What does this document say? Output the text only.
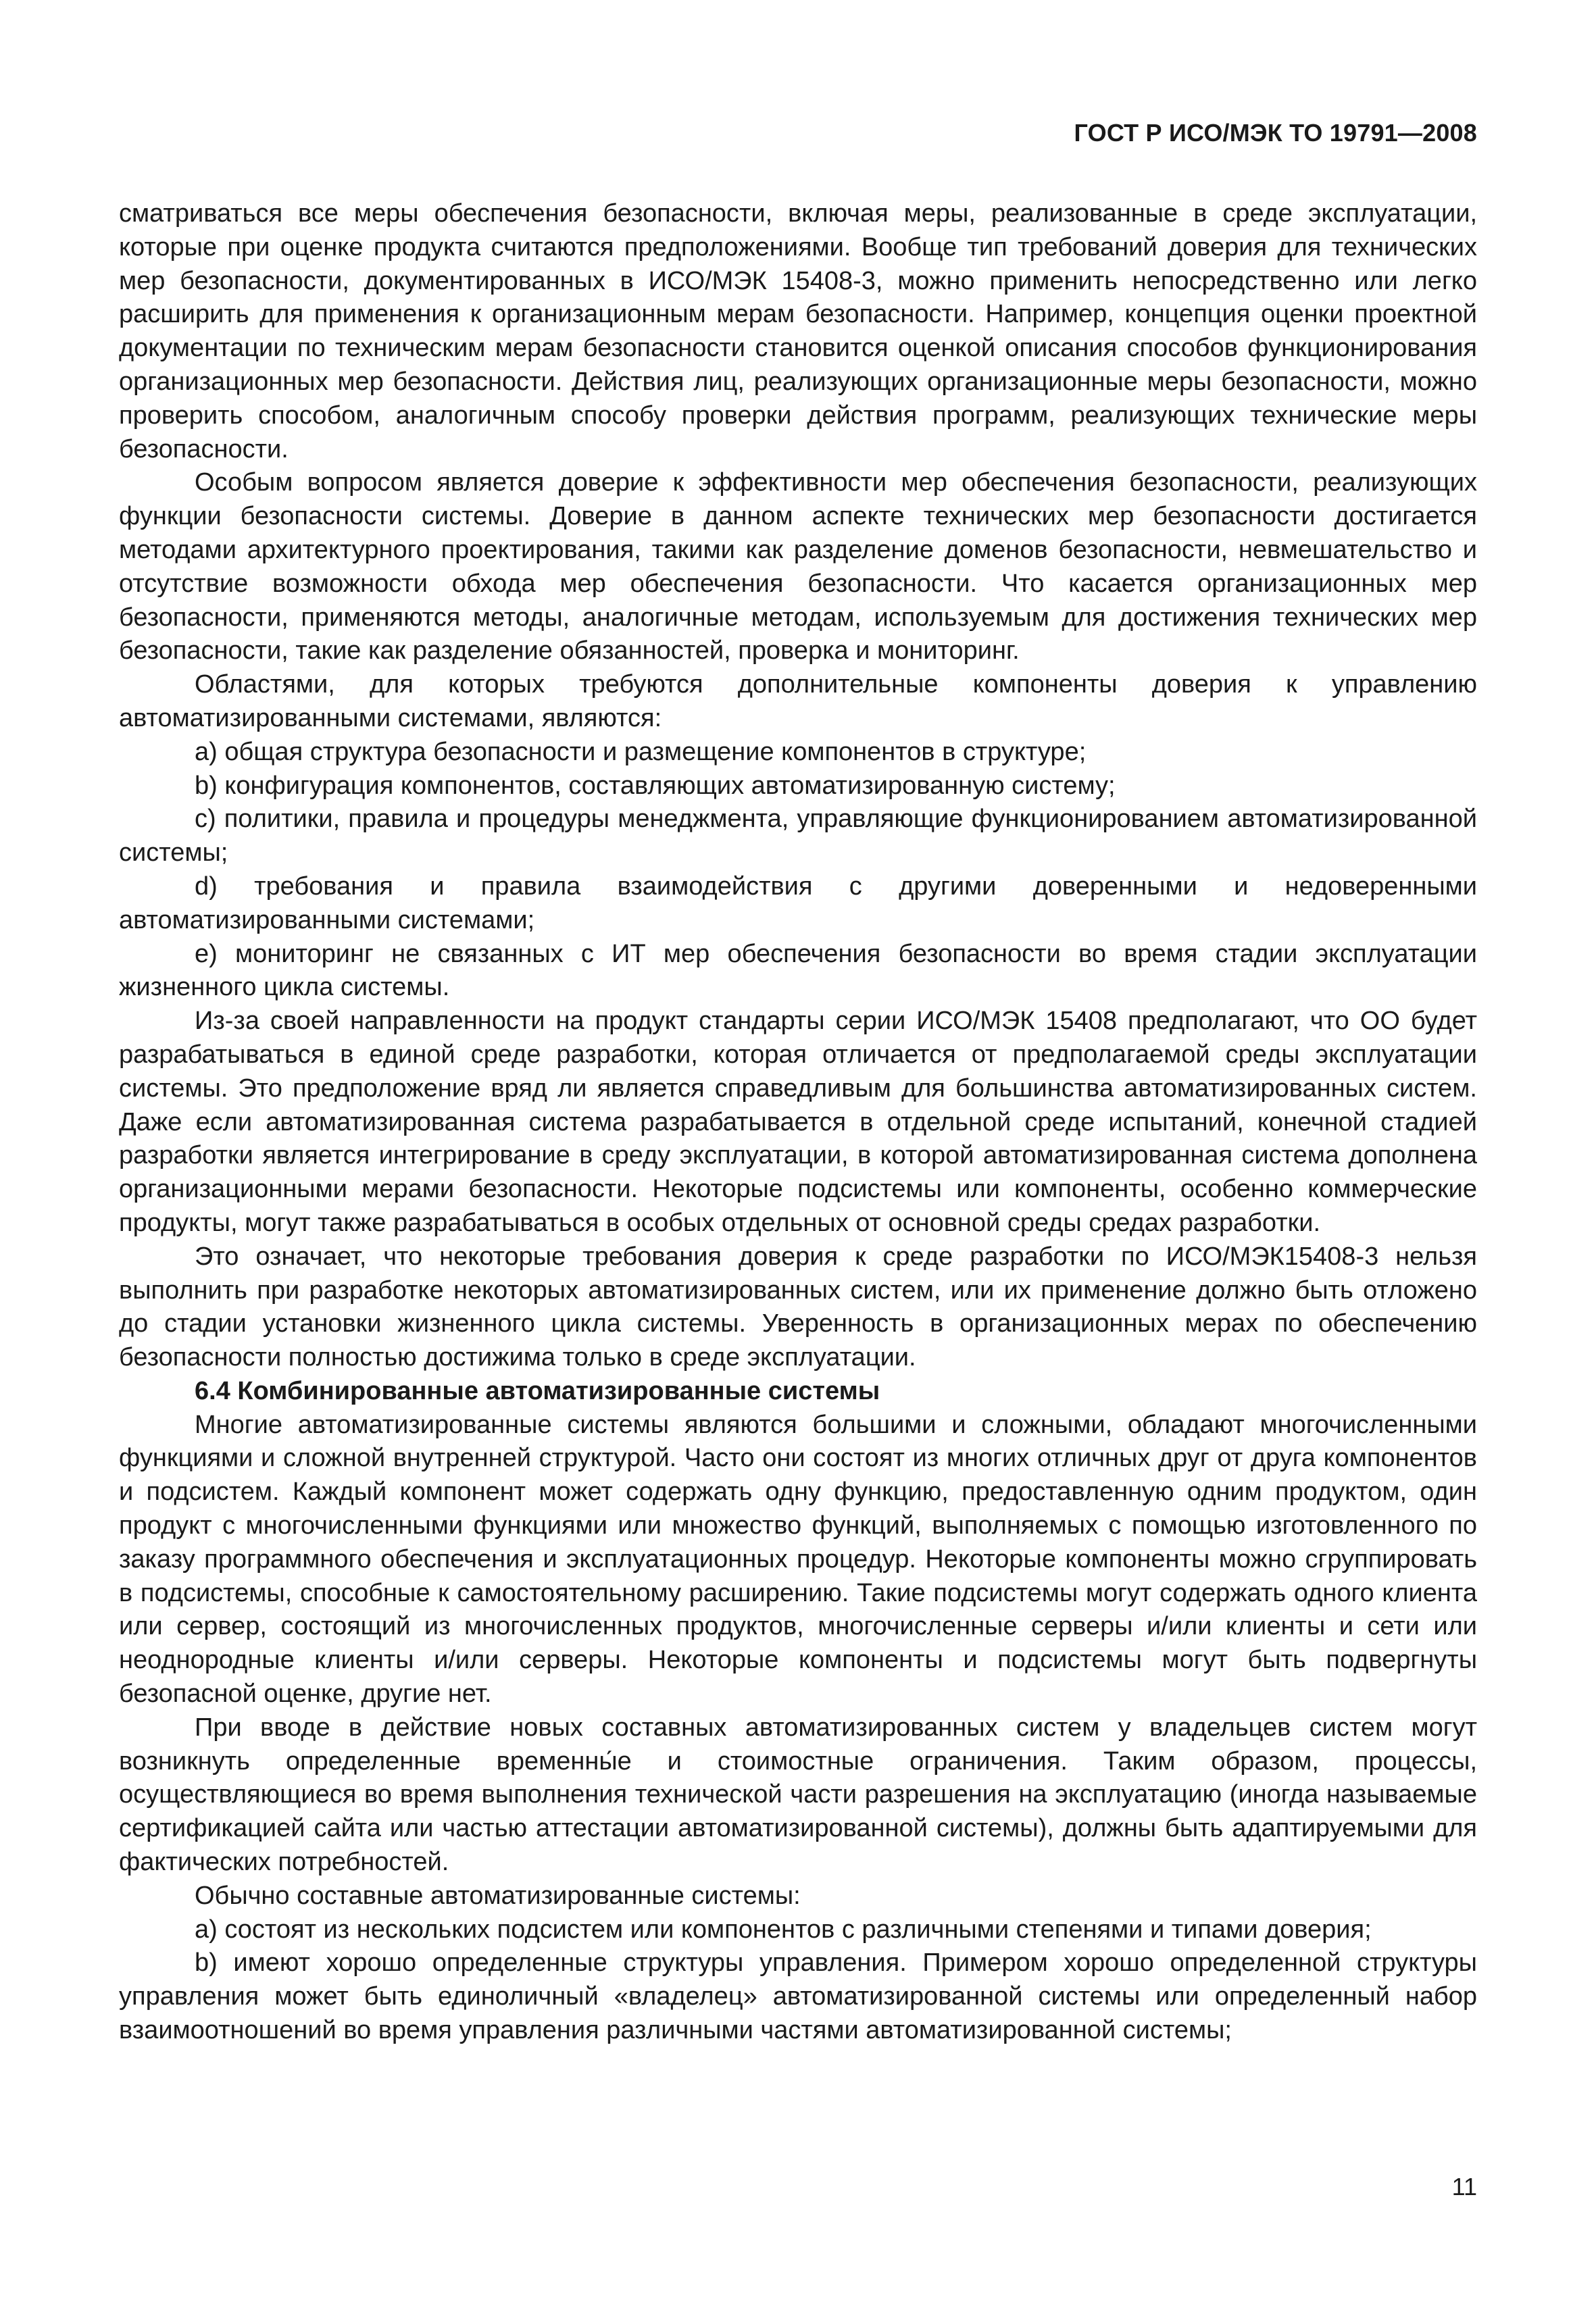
ГОСТ Р ИСО/МЭК ТО 19791—2008

сматриваться все меры обеспечения безопасности, включая меры, реализованные в среде эксплуатации, которые при оценке продукта считаются предположениями. Вообще тип требований доверия для технических мер безопасности, документированных в ИСО/МЭК 15408-3, можно применить непосредственно или легко расширить для применения к организационным мерам безопасности. Например, концепция оценки проектной документации по техническим мерам безопасности становится оценкой описания способов функционирования организационных мер безопасности. Действия лиц, реализующих организационные меры безопасности, можно проверить способом, аналогичным способу проверки действия программ, реализующих технические меры безопасности.

Особым вопросом является доверие к эффективности мер обеспечения безопасности, реализующих функции безопасности системы. Доверие в данном аспекте технических мер безопасности достигается методами архитектурного проектирования, такими как разделение доменов безопасности, невмешательство и отсутствие возможности обхода мер обеспечения безопасности. Что касается организационных мер безопасности, применяются методы, аналогичные методам, используемым для достижения технических мер безопасности, такие как разделение обязанностей, проверка и мониторинг.

Областями, для которых требуются дополнительные компоненты доверия к управлению автоматизированными системами, являются:

а) общая структура безопасности и размещение компонентов в структуре;

b) конфигурация компонентов, составляющих автоматизированную систему;

с) политики, правила и процедуры менеджмента, управляющие функционированием автоматизированной системы;

d) требования и правила взаимодействия с другими доверенными и недоверенными автоматизированными системами;

е) мониторинг не связанных с ИТ мер обеспечения безопасности во время стадии эксплуатации жизненного цикла системы.

Из-за своей направленности на продукт стандарты серии ИСО/МЭК 15408 предполагают, что ОО будет разрабатываться в единой среде разработки, которая отличается от предполагаемой среды эксплуатации системы. Это предположение вряд ли является справедливым для большинства автоматизированных систем. Даже если автоматизированная система разрабатывается в отдельной среде испытаний, конечной стадией разработки является интегрирование в среду эксплуатации, в которой автоматизированная система дополнена организационными мерами безопасности. Некоторые подсистемы или компоненты, особенно коммерческие продукты, могут также разрабатываться в особых отдельных от основной среды средах разработки.

Это означает, что некоторые требования доверия к среде разработки по ИСО/МЭК15408-3 нельзя выполнить при разработке некоторых автоматизированных систем, или их применение должно быть отложено до стадии установки жизненного цикла системы. Уверенность в организационных мерах по обеспечению безопасности полностью достижима только в среде эксплуатации.

6.4 Комбинированные автоматизированные системы

Многие автоматизированные системы являются большими и сложными, обладают многочисленными функциями и сложной внутренней структурой. Часто они состоят из многих отличных друг от друга компонентов и подсистем. Каждый компонент может содержать одну функцию, предоставленную одним продуктом, один продукт с многочисленными функциями или множество функций, выполняемых с помощью изготовленного по заказу программного обеспечения и эксплуатационных процедур. Некоторые компоненты можно сгруппировать в подсистемы, способные к самостоятельному расширению. Такие подсистемы могут содержать одного клиента или сервер, состоящий из многочисленных продуктов, многочисленные серверы и/или клиенты и сети или неоднородные клиенты и/или серверы. Некоторые компоненты и подсистемы могут быть подвергнуты безопасной оценке, другие нет.

При вводе в действие новых составных автоматизированных систем у владельцев систем могут возникнуть определенные временны́е и стоимостные ограничения. Таким образом, процессы, осуществляющиеся во время выполнения технической части разрешения на эксплуатацию (иногда называемые сертификацией сайта или частью аттестации автоматизированной системы), должны быть адаптируемыми для фактических потребностей.

Обычно составные автоматизированные системы:

а) состоят из нескольких подсистем или компонентов с различными степенями и типами доверия;

b) имеют хорошо определенные структуры управления. Примером хорошо определенной структуры управления может быть единоличный «владелец» автоматизированной системы или определенный набор взаимоотношений во время управления различными частями автоматизированной системы;

11
